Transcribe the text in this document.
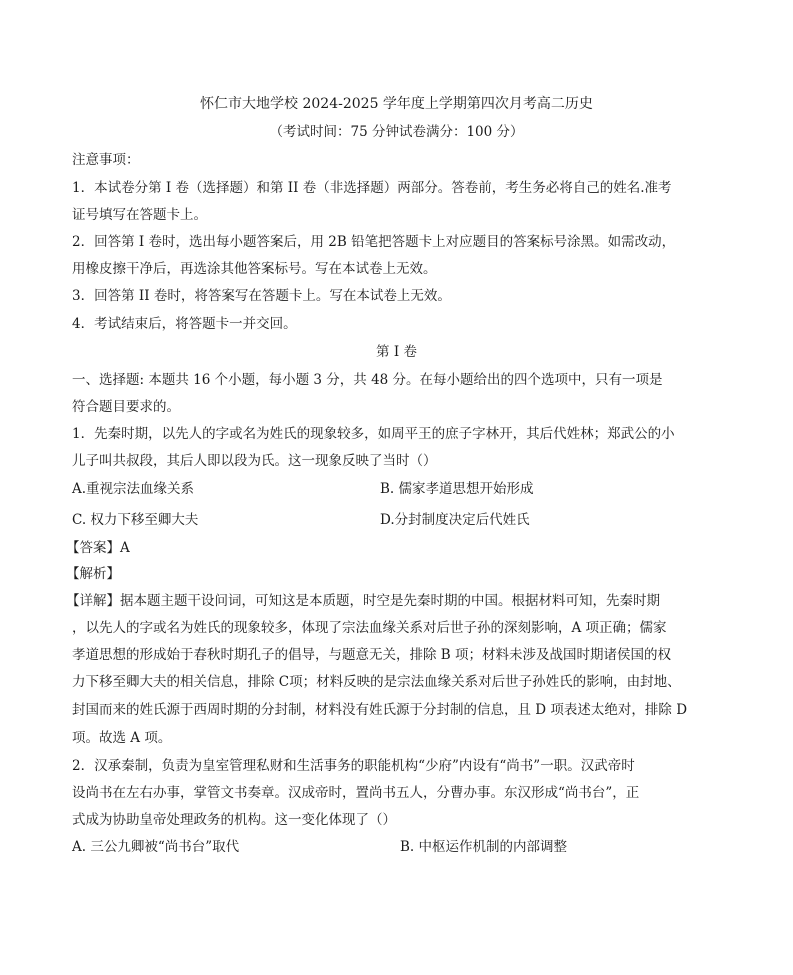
怀仁市大地学校 2024-2025 学年度上学期第四次月考高二历史
（考试时间：75 分钟试卷满分：100 分）
注意事项：
1．本试卷分第 I 卷（选择题）和第 II 卷（非选择题）两部分。答卷前，考生务必将自己的姓名.准考
证号填写在答题卡上。
2．回答第 I 卷时，选出每小题答案后，用 2B 铅笔把答题卡上对应题目的答案标号涂黑。如需改动，
用橡皮擦干净后，再选涂其他答案标号。写在本试卷上无效。
3．回答第 II 卷时，将答案写在答题卡上。写在本试卷上无效。
4．考试结束后，将答题卡一并交回。
第 I 卷
一、选择题: 本题共 16 个小题，每小题 3 分，共 48 分。在每小题给出的四个选项中，只有一项是
符合题目要求的。
1．先秦时期，以先人的字或名为姓氏的现象较多，如周平王的庶子字林开，其后代姓林；郑武公的小
儿子叫共叔段，其后人即以段为氏。这一现象反映了当时（）
A.重视宗法血缘关系	B. 儒家孝道思想开始形成
C. 权力下移至卿大夫	D.分封制度决定后代姓氏
【答案】A
【解析】
【详解】据本题主题干设问词，可知这是本质题，时空是先秦时期的中国。根据材料可知，先秦时期
，以先人的字或名为姓氏的现象较多，体现了宗法血缘关系对后世子孙的深刻影响，A 项正确；儒家
孝道思想的形成始于春秋时期孔子的倡导，与题意无关，排除 B 项；材料未涉及战国时期诸侯国的权
力下移至卿大夫的相关信息，排除 C项；材料反映的是宗法血缘关系对后世子孙姓氏的影响，由封地、
封国而来的姓氏源于西周时期的分封制，材料没有姓氏源于分封制的信息，且 D 项表述太绝对，排除 D
项。故选 A 项。
2．汉承秦制，负责为皇室管理私财和生活事务的职能机构“少府”内设有“尚书”一职。汉武帝时
设尚书在左右办事，掌管文书奏章。汉成帝时，置尚书五人，分曹办事。东汉形成“尚书台”，正
式成为协助皇帝处理政务的机构。这一变化体现了（）
A. 三公九卿被“尚书台”取代	B. 中枢运作机制的内部调整
